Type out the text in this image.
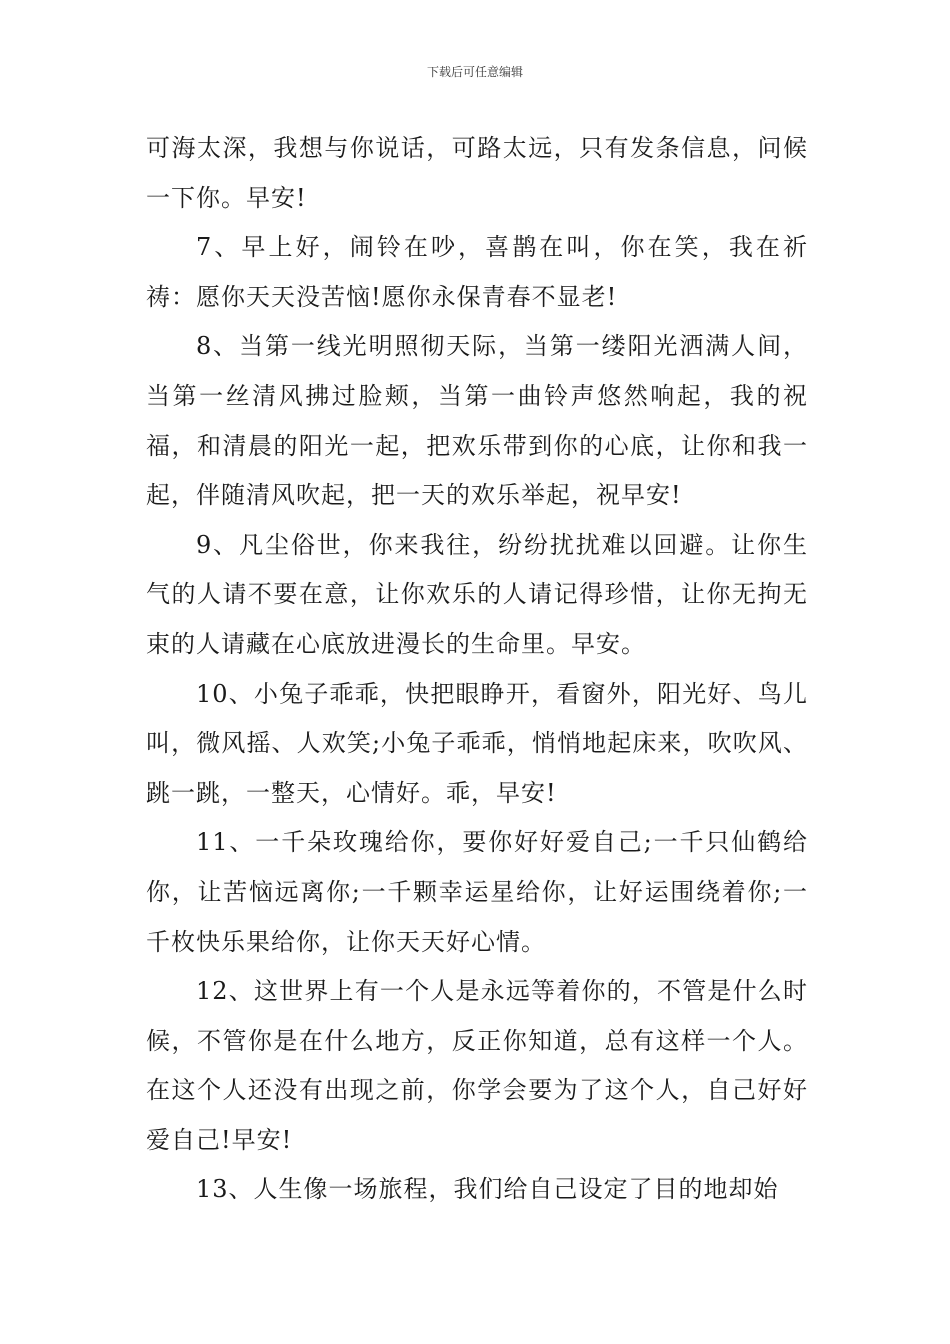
下载后可任意编辑

可海太深，我想与你说话，可路太远，只有发条信息，问候一下你。早安!

7、早上好，闹铃在吵，喜鹊在叫，你在笑，我在祈祷：愿你天天没苦恼!愿你永保青春不显老!

8、当第一线光明照彻天际，当第一缕阳光洒满人间，当第一丝清风拂过脸颊，当第一曲铃声悠然响起，我的祝福，和清晨的阳光一起，把欢乐带到你的心底，让你和我一起，伴随清风吹起，把一天的欢乐举起，祝早安!

9、凡尘俗世，你来我往，纷纷扰扰难以回避。让你生气的人请不要在意，让你欢乐的人请记得珍惜，让你无拘无束的人请藏在心底放进漫长的生命里。早安。

10、小兔子乖乖，快把眼睁开，看窗外，阳光好、鸟儿叫，微风摇、人欢笑;小兔子乖乖，悄悄地起床来，吹吹风、跳一跳，一整天，心情好。乖，早安!

11、一千朵玫瑰给你，要你好好爱自己;一千只仙鹤给你，让苦恼远离你;一千颗幸运星给你，让好运围绕着你;一千枚快乐果给你，让你天天好心情。

12、这世界上有一个人是永远等着你的，不管是什么时候，不管你是在什么地方，反正你知道，总有这样一个人。在这个人还没有出现之前，你学会要为了这个人，自己好好爱自己!早安!

13、人生像一场旅程，我们给自己设定了目的地却始
